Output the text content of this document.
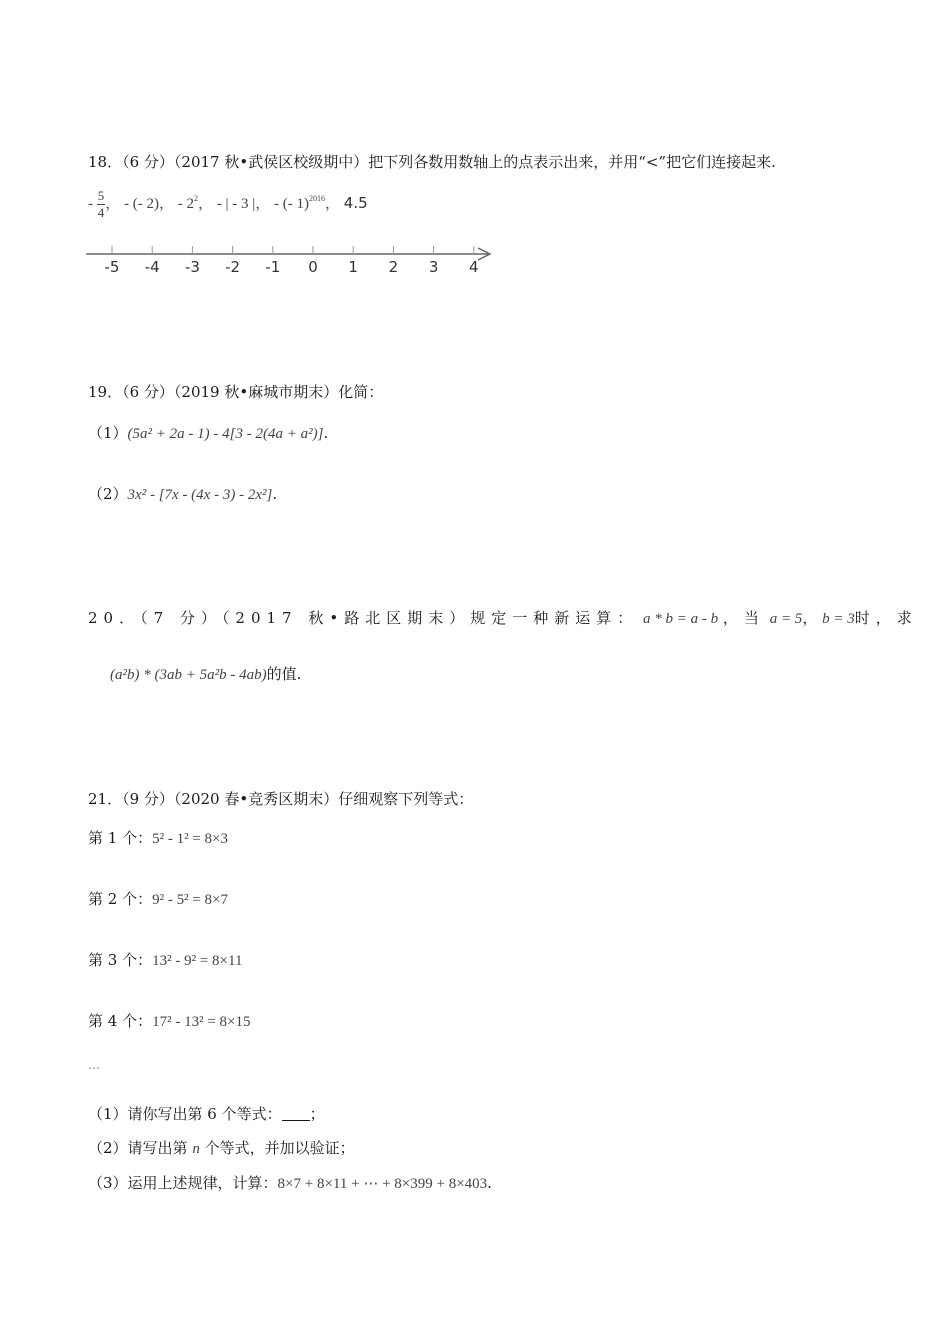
18．（6 分）（2017 秋•武侯区校级期中）把下列各数用数轴上的点表示出来，并用“<”把它们连接起来.
- $\frac{5}{4}$ ， - (- 2)， - $2^2$， - | - 3 |， - (- 1)$^{2016}$， 4.5
-5 -4 -3 -2 -1 0 1 2 3 4
19．（6 分）（2019 秋•麻城市期末）化简：
（1）(5a² + 2a - 1) - 4[3 - 2(4a + a²)].
（2）3x² - [7x - (4x - 3) - 2x²].
20．（7 分）（2017 秋•路北区期末）规定一种新运算： a * b = a - b ，当 a = 5， b = 3时，求
(a²b) * (3ab + 5a²b - 4ab)的值.
21．（9 分）（2020 春•竞秀区期末）仔细观察下列等式：
第 1 个：5² - 1² = 8×3
第 2 个：9² - 5² = 8×7
第 3 个：13² - 9² = 8×11
第 4 个：17² - 13² = 8×15
…
（1）请你写出第 6 个等式： ；
（2）请写出第 n 个等式，并加以验证；
（3）运用上述规律，计算：8×7 + 8×11 + ⋯ + 8×399 + 8×403.
